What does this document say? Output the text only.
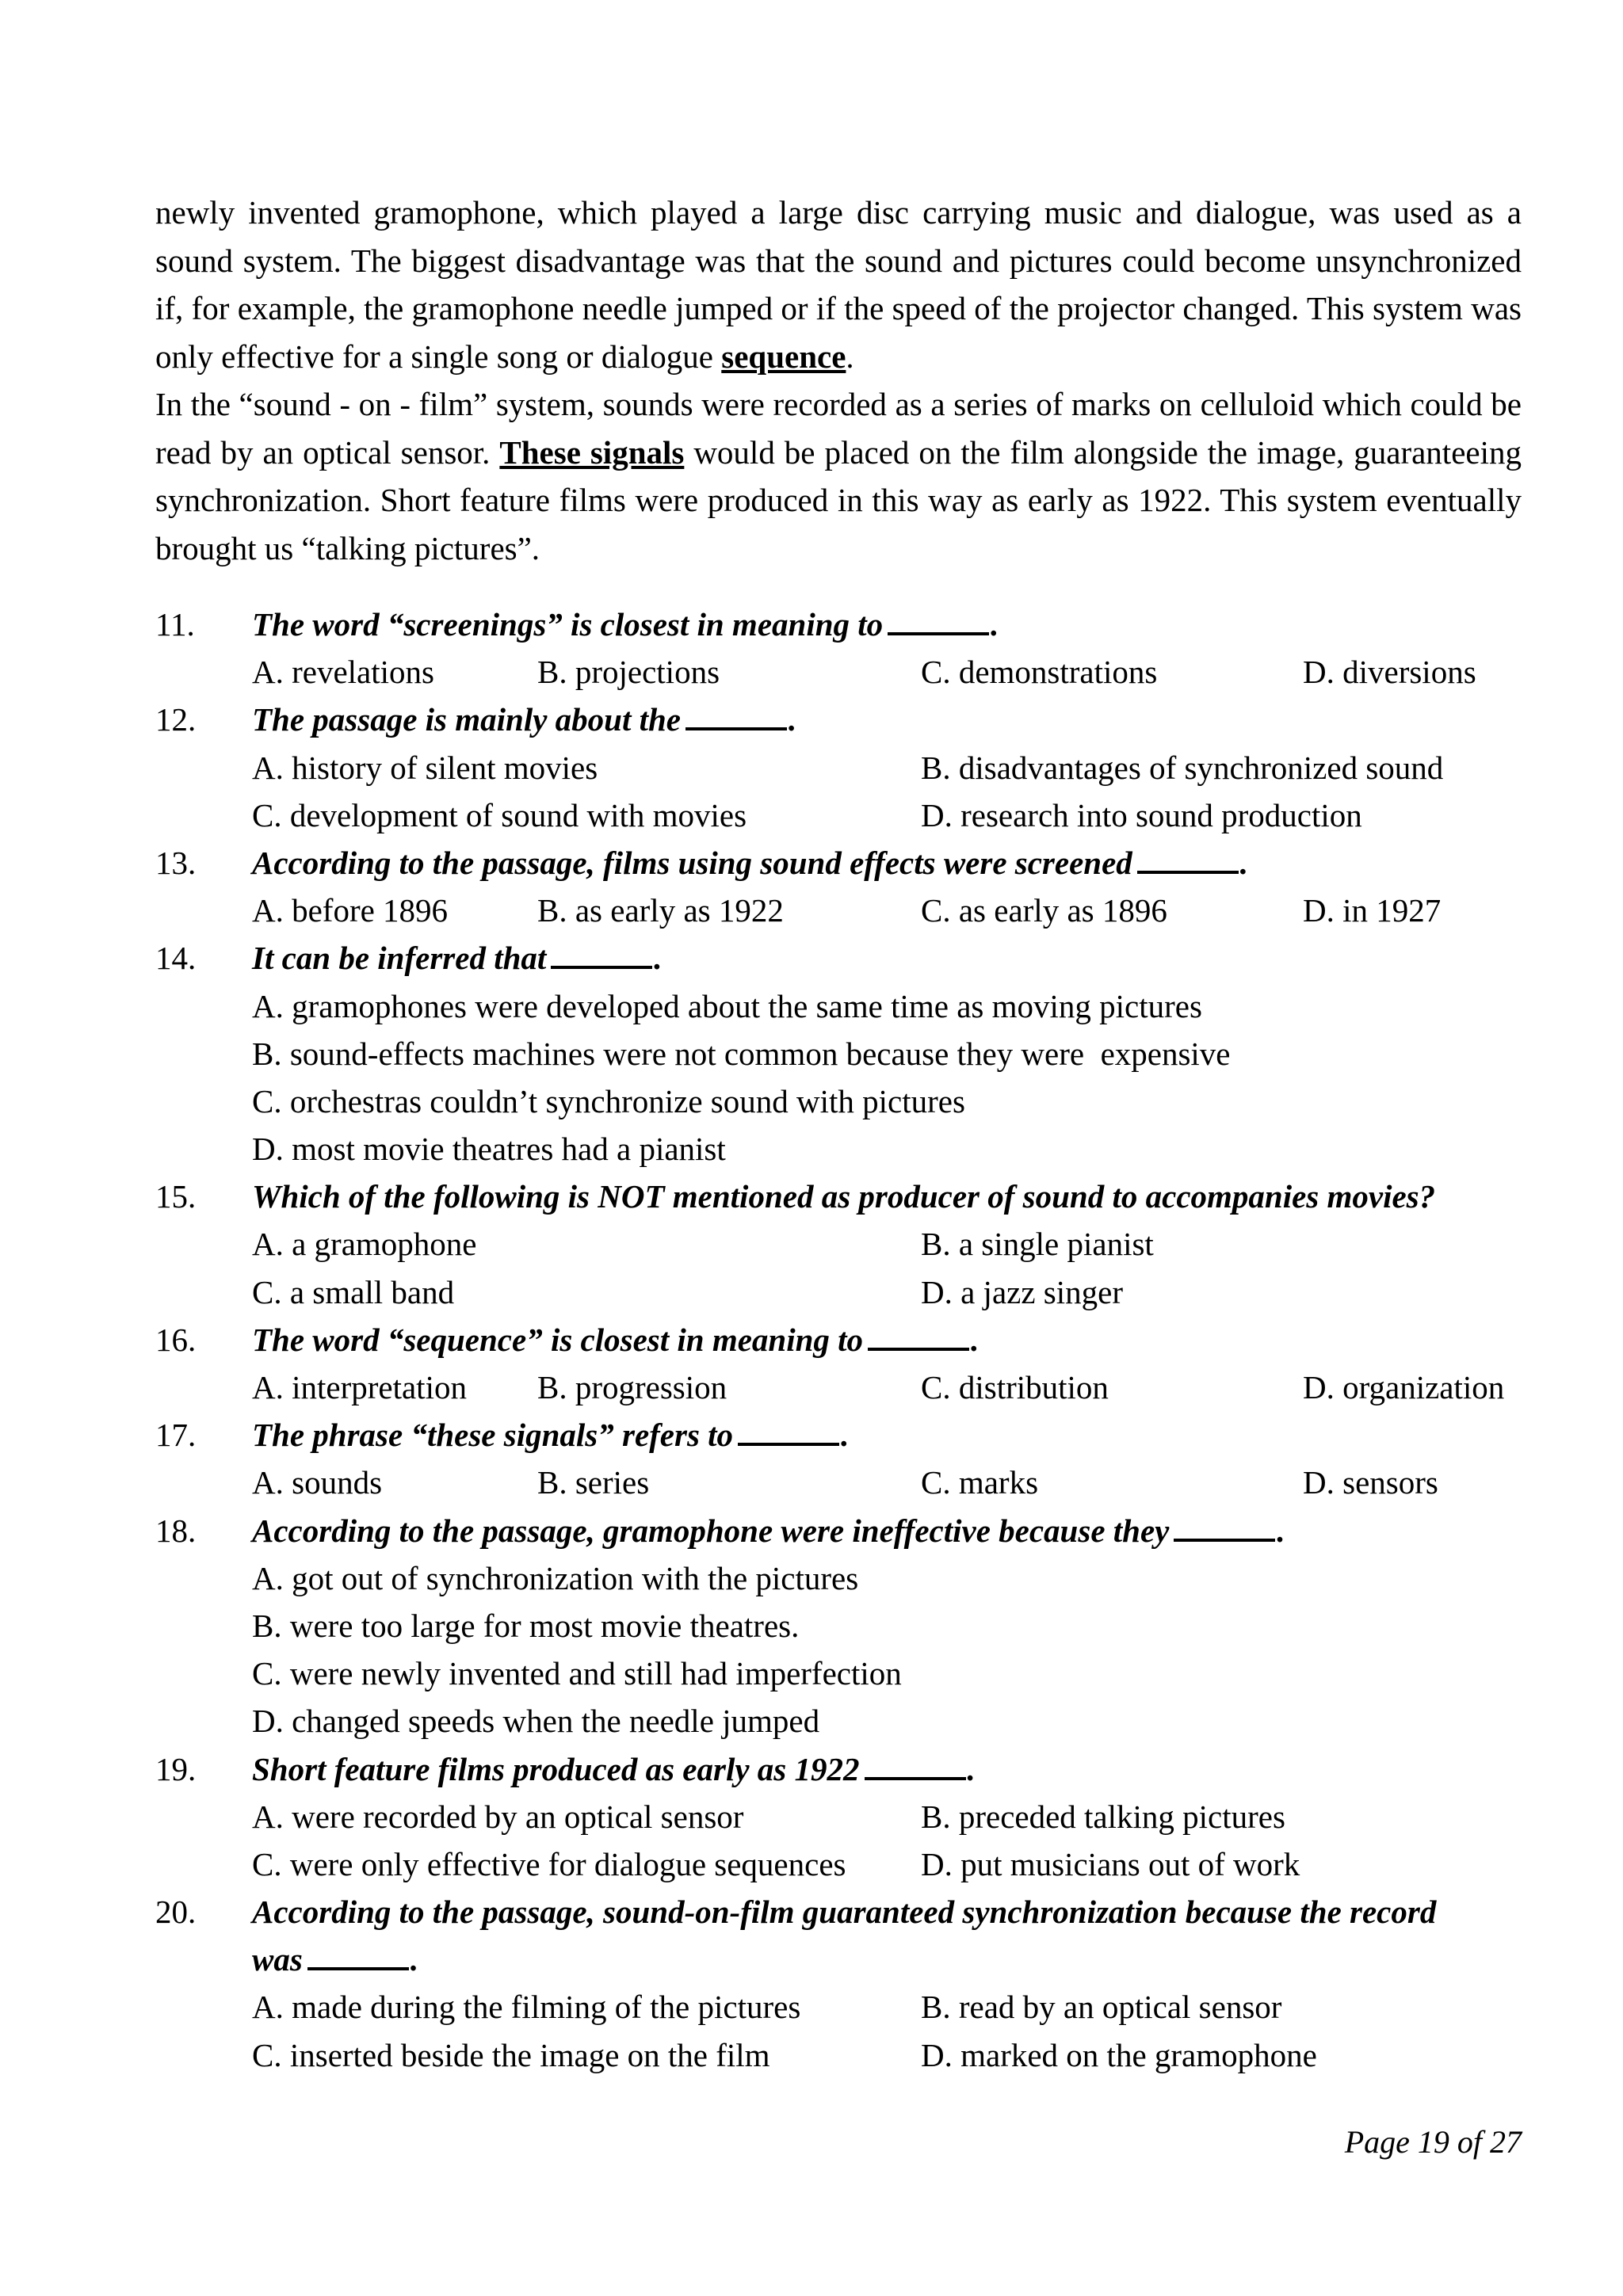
newly invented gramophone, which played a large disc carrying music and dialogue, was used as a sound system. The biggest disadvantage was that the sound and pictures could become unsynchronized if, for example, the gramophone needle jumped or if the speed of the projector changed. This system was only effective for a single song or dialogue sequence.

In the “sound - on - film” system, sounds were recorded as a series of marks on celluloid which could be read by an optical sensor. These signals would be placed on the film alongside the image, guaranteeing synchronization. Short feature films were produced in this way as early as 1922. This system eventually brought us “talking pictures”.

11. The word “screenings” is closest in meaning to	.
A. revelations	B. projections	C. demonstrations	D. diversions
12. The passage is mainly about the	.
A. history of silent movies	B. disadvantages of synchronized sound
C. development of sound with movies	D. research into sound production
13. According to the passage, films using sound effects were screened	.
A. before 1896	B. as early as 1922	C. as early as 1896	D. in 1927
14. It can be inferred that	.
A. gramophones were developed about the same time as moving pictures
B. sound-effects machines were not common because they were  expensive
C. orchestras couldn’t synchronize sound with pictures
D. most movie theatres had a pianist
15. Which of the following is NOT mentioned as producer of sound to accompanies movies?
A. a gramophone	B. a single pianist
C. a small band	D. a jazz singer
16. The word “sequence” is closest in meaning to	.
A. interpretation B. progression	C. distribution	D. organization
17. The phrase “these signals” refers to	.
A. sounds	B. series	C. marks	D. sensors
18. According to the passage, gramophone were ineffective because they	.
A. got out of synchronization with the pictures
B. were too large for most movie theatres.
C. were newly invented and still had imperfection
D. changed speeds when the needle jumped
19. Short feature films produced as early as 1922	.
A. were recorded by an optical sensor	B. preceded talking pictures
C. were only effective for dialogue sequences D. put musicians out of work
20. According to the passage, sound-on-film guaranteed synchronization because the record
was	.
A. made during the filming of the pictures	B. read by an optical sensor
C. inserted beside the image on the film	D. marked on the gramophone
Page 19 of 27
